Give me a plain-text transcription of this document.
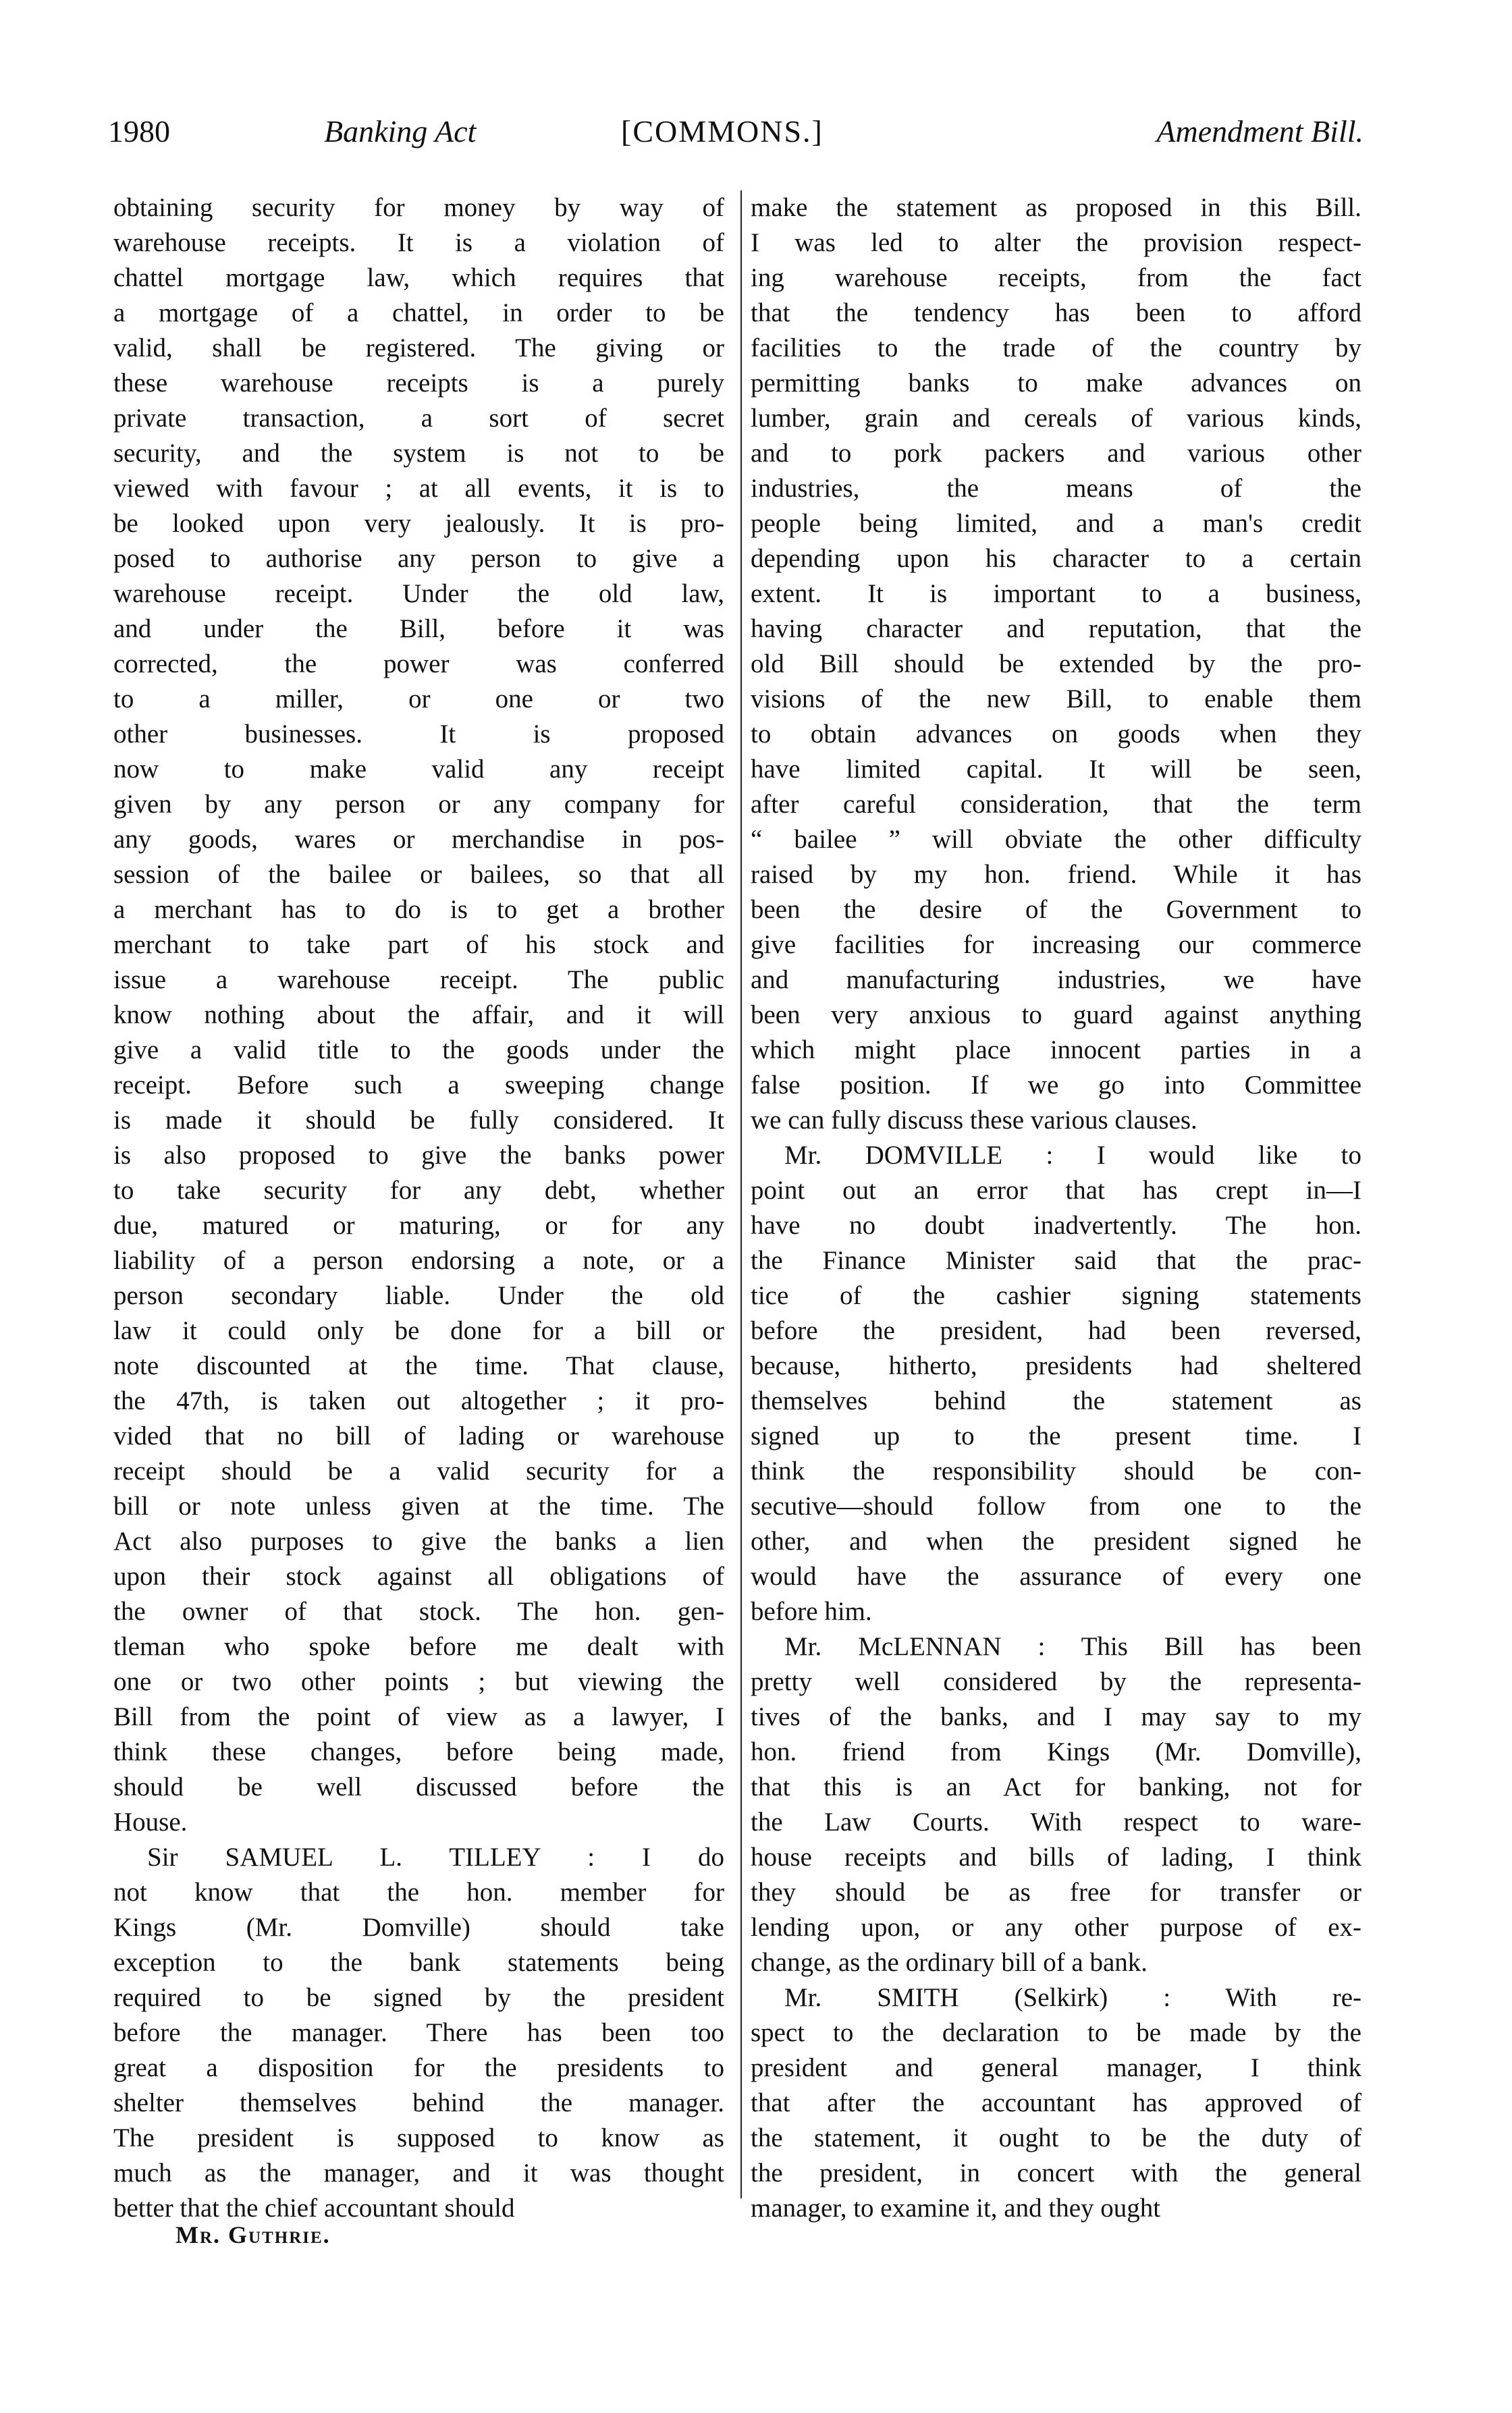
1980	Banking Act	[COMMONS.]	Amendment Bill.
obtaining security for money by way of
warehouse receipts. It is a violation of
chattel mortgage law, which requires that
a mortgage of a chattel, in order to be
valid, shall be registered. The giving or
these warehouse receipts is a purely
private transaction, a sort of secret
security, and the system is not to be
viewed with favour ; at all events, it is to
be looked upon very jealously. It is pro-
posed to authorise any person to give a
warehouse receipt. Under the old law,
and under the Bill, before it was
corrected, the power was conferred
to a miller, or one or two
other businesses. It is proposed
now to make valid any receipt
given by any person or any company for
any goods, wares or merchandise in pos-
session of the bailee or bailees, so that all
a merchant has to do is to get a brother
merchant to take part of his stock and
issue a warehouse receipt. The public
know nothing about the affair, and it will
give a valid title to the goods under the
receipt. Before such a sweeping change
is made it should be fully considered. It
is also proposed to give the banks power
to take security for any debt, whether
due, matured or maturing, or for any
liability of a person endorsing a note, or a
person secondary liable. Under the old
law it could only be done for a bill or
note discounted at the time. That clause,
the 47th, is taken out altogether ; it pro-
vided that no bill of lading or warehouse
receipt should be a valid security for a
bill or note unless given at the time. The
Act also purposes to give the banks a lien
upon their stock against all obligations of
the owner of that stock. The hon. gen-
tleman who spoke before me dealt with
one or two other points ; but viewing the
Bill from the point of view as a lawyer, I
think these changes, before being made,
should be well discussed before the
House.
Sir SAMUEL L. TILLEY : I do
not know that the hon. member for
Kings (Mr. Domville) should take
exception to the bank statements being
required to be signed by the president
before the manager. There has been too
great a disposition for the presidents to
shelter themselves behind the manager.
The president is supposed to know as
much as the manager, and it was thought
better that the chief accountant should
make the statement as proposed in this Bill.
I was led to alter the provision respect-
ing warehouse receipts, from the fact
that the tendency has been to afford
facilities to the trade of the country by
permitting banks to make advances on
lumber, grain and cereals of various kinds,
and to pork packers and various other
industries, the means of the
people being limited, and a man's credit
depending upon his character to a certain
extent. It is important to a business,
having character and reputation, that the
old Bill should be extended by the pro-
visions of the new Bill, to enable them
to obtain advances on goods when they
have limited capital. It will be seen,
after careful consideration, that the term
“ bailee ” will obviate the other difficulty
raised by my hon. friend. While it has
been the desire of the Government to
give facilities for increasing our commerce
and manufacturing industries, we have
been very anxious to guard against anything
which might place innocent parties in a
false position. If we go into Committee
we can fully discuss these various clauses.
Mr. DOMVILLE : I would like to
point out an error that has crept in—I
have no doubt inadvertently. The hon.
the Finance Minister said that the prac-
tice of the cashier signing statements
before the president, had been reversed,
because, hitherto, presidents had sheltered
themselves behind the statement as
signed up to the present time. I
think the responsibility should be con-
secutive—should follow from one to the
other, and when the president signed he
would have the assurance of every one
before him.
Mr. McLENNAN : This Bill has been
pretty well considered by the representa-
tives of the banks, and I may say to my
hon. friend from Kings (Mr. Domville),
that this is an Act for banking, not for
the Law Courts. With respect to ware-
house receipts and bills of lading, I think
they should be as free for transfer or
lending upon, or any other purpose of ex-
change, as the ordinary bill of a bank.
Mr. SMITH (Selkirk) : With re-
spect to the declaration to be made by the
president and general manager, I think
that after the accountant has approved of
the statement, it ought to be the duty of
the president, in concert with the general
manager, to examine it, and they ought
Mr. Guthrie.
